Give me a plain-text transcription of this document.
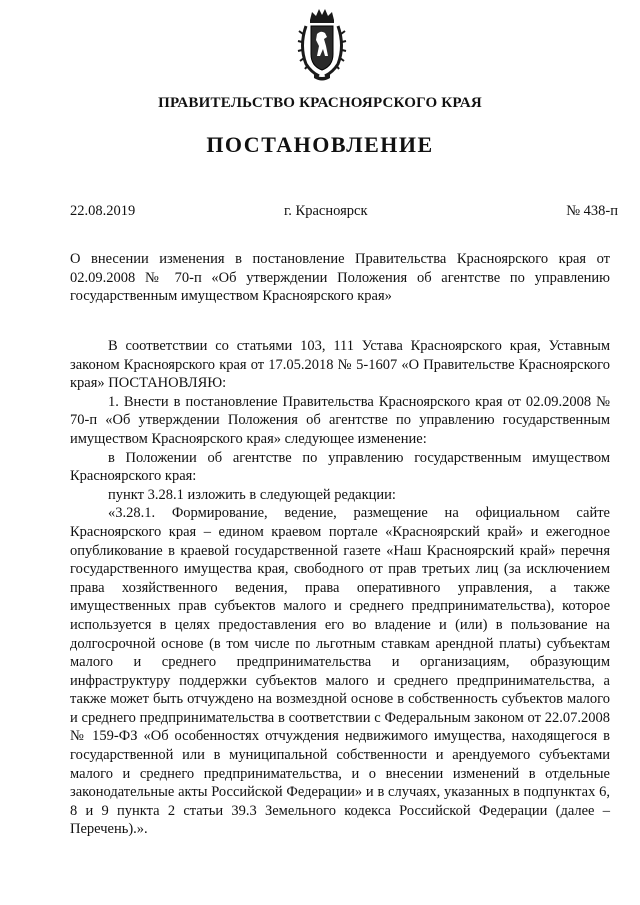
ПРАВИТЕЛЬСТВО КРАСНОЯРСКОГО КРАЯ
ПОСТАНОВЛЕНИЕ
22.08.2019	г. Красноярск	№ 438-п
О внесении изменения в постановление Правительства Красноярского края от 02.09.2008 № 70-п «Об утверждении Положения об агентстве по управлению государственным имуществом Красноярского края»

В соответствии со статьями 103, 111 Устава Красноярского края, Уставным законом Красноярского края от 17.05.2018 № 5-1607 «О Правительстве Красноярского края» ПОСТАНОВЛЯЮ:

1. Внести в постановление Правительства Красноярского края от 02.09.2008 № 70-п «Об утверждении Положения об агентстве по управлению государственным имуществом Красноярского края» следующее изменение:

в Положении об агентстве по управлению государственным имуществом Красноярского края:

пункт 3.28.1 изложить в следующей редакции:

«3.28.1. Формирование, ведение, размещение на официальном сайте Красноярского края – едином краевом портале «Красноярский край» и ежегодное опубликование в краевой государственной газете «Наш Красноярский край» перечня государственного имущества края, свободного от прав третьих лиц (за исключением права хозяйственного ведения, права оперативного управления, а также имущественных прав субъектов малого и среднего предпринимательства), которое используется в целях предоставления его во владение и (или) в пользование на долгосрочной основе (в том числе по льготным ставкам арендной платы) субъектам малого и среднего предпринимательства и организациям, образующим инфраструктуру поддержки субъектов малого и среднего предпринимательства, а также может быть отчуждено на возмездной основе в собственность субъектов малого и среднего предпринимательства в соответствии с Федеральным законом от 22.07.2008 № 159-ФЗ «Об особенностях отчуждения недвижимого имущества, находящегося в государственной или в муниципальной собственности и арендуемого субъектами малого и среднего предпринимательства, и о внесении изменений в отдельные законодательные акты Российской Федерации» и в случаях, указанных в подпунктах 6, 8 и 9 пункта 2 статьи 39.3 Земельного кодекса Российской Федерации (далее – Перечень).».
